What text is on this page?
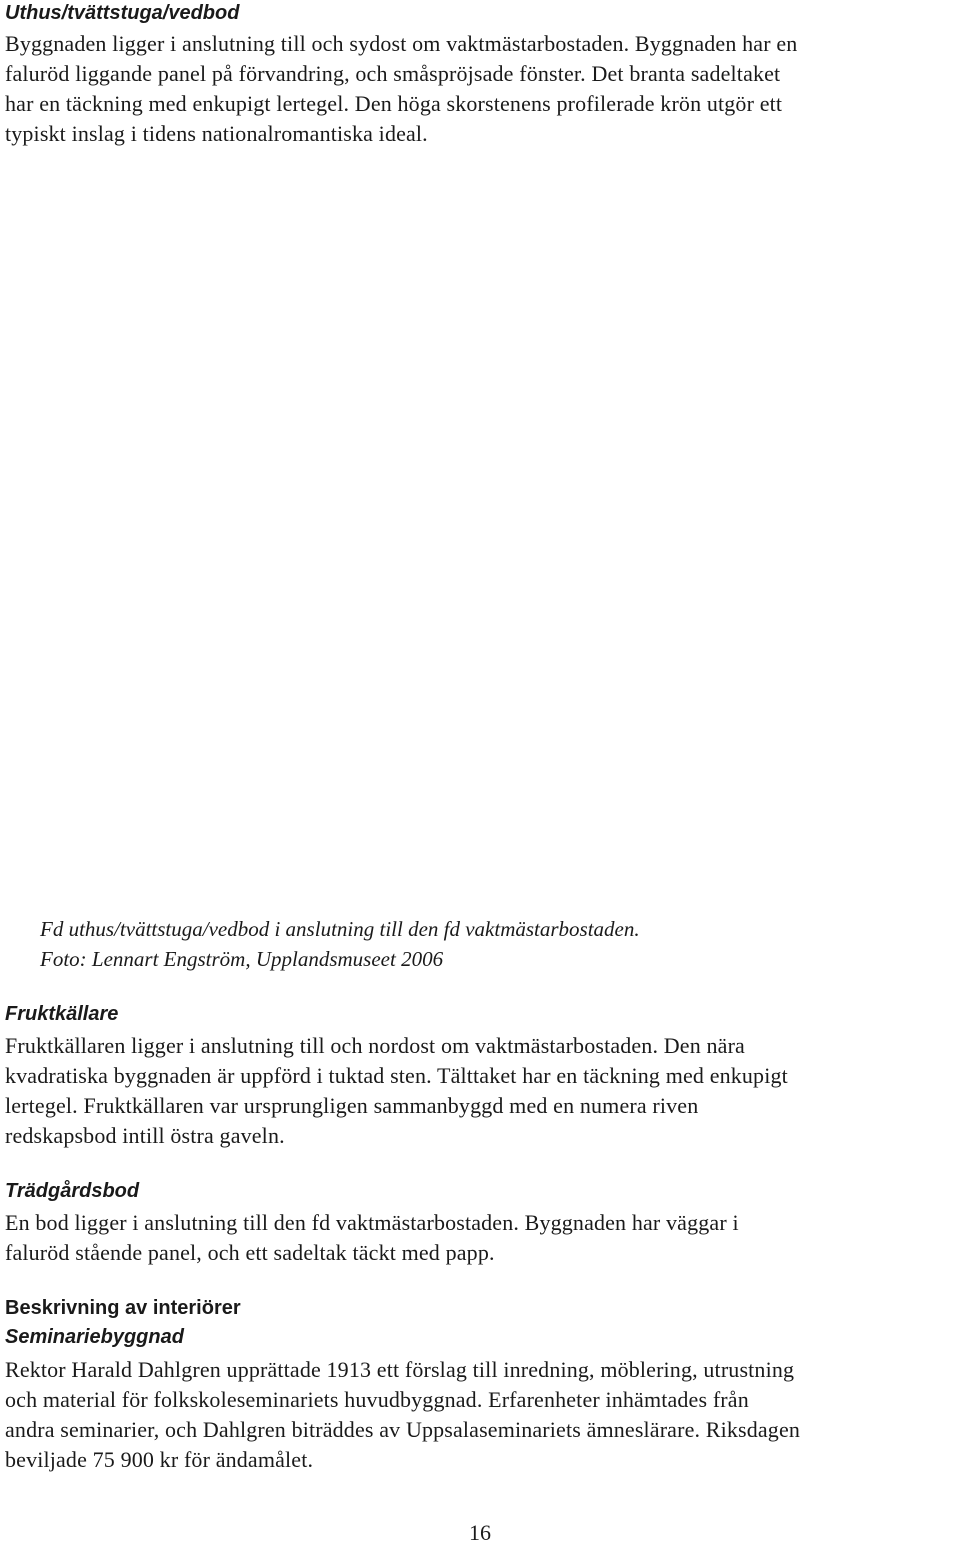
Uthus/tvättstuga/vedbod

Byggnaden ligger i anslutning till och sydost om vaktmästarbostaden. Byggnaden har en
faluröd liggande panel på förvandring, och småspröjsade fönster. Det branta sadeltaket
har en täckning med enkupigt lertegel. Den höga skorstenens profilerade krön utgör ett
typiskt inslag i tidens nationalromantiska ideal.

Fd uthus/tvättstuga/vedbod i anslutning till den fd vaktmästarbostaden.
Foto: Lennart Engström, Upplandsmuseet 2006

Fruktkällare

Fruktkällaren ligger i anslutning till och nordost om vaktmästarbostaden. Den nära
kvadratiska byggnaden är uppförd i tuktad sten. Tälttaket har en täckning med enkupigt
lertegel. Fruktkällaren var ursprungligen sammanbyggd med en numera riven
redskapsbod intill östra gaveln.

Trädgårdsbod

En bod ligger i anslutning till den fd vaktmästarbostaden. Byggnaden har väggar i
faluröd stående panel, och ett sadeltak täckt med papp.

Beskrivning av interiörer
Seminariebyggnad

Rektor Harald Dahlgren upprättade 1913 ett förslag till inredning, möblering, utrustning
och material för folkskoleseminariets huvudbyggnad. Erfarenheter inhämtades från
andra seminarier, och Dahlgren biträddes av Uppsalaseminariets ämneslärare. Riksdagen
beviljade 75 900 kr för ändamålet.

16
